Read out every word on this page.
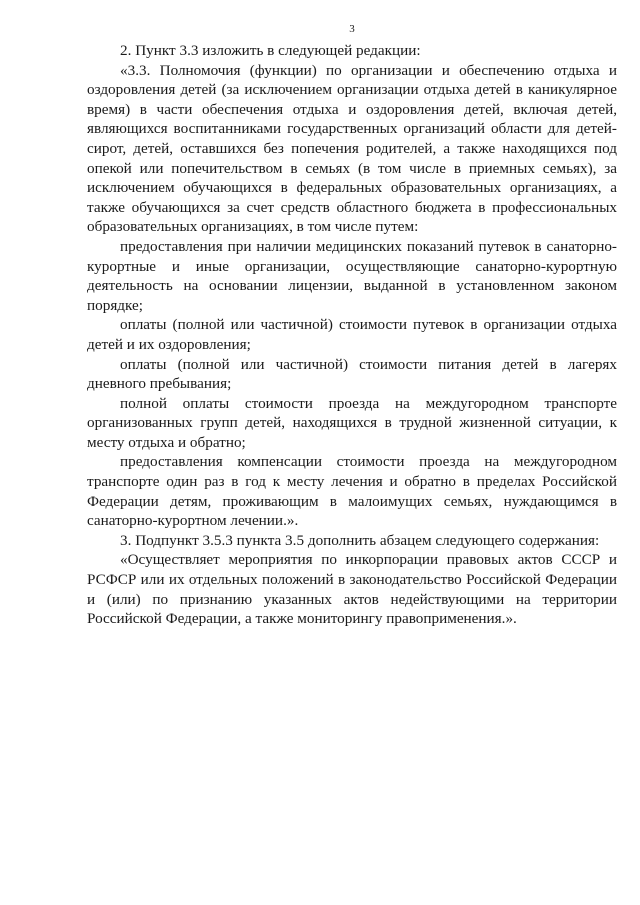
3

2. Пункт 3.3 изложить в следующей редакции:

«3.3. Полномочия (функции) по организации и обеспечению отдыха и оздоровления детей (за исключением организации отдыха детей в каникулярное время) в части обеспечения отдыха и оздоровления детей, включая детей, являющихся воспитанниками государственных организаций области для детей-сирот, детей, оставшихся без попечения родителей, а также находящихся под опекой или попечительством в семьях (в том числе в приемных семьях), за исключением обучающихся в федеральных образовательных организациях, а также обучающихся за счет средств областного бюджета в профессиональных образовательных организациях, в том числе путем:

предоставления при наличии медицинских показаний путевок в санаторно-курортные и иные организации, осуществляющие санаторно-курортную деятельность на основании лицензии, выданной в установленном законом порядке;

оплаты (полной или частичной) стоимости путевок в организации отдыха детей и их оздоровления;

оплаты (полной или частичной) стоимости питания детей в лагерях дневного пребывания;

полной оплаты стоимости проезда на междугородном транспорте организованных групп детей, находящихся в трудной жизненной ситуации, к месту отдыха и обратно;

предоставления компенсации стоимости проезда на междугородном транспорте один раз в год к месту лечения и обратно в пределах Российской Федерации детям, проживающим в малоимущих семьях, нуждающимся в санаторно-курортном лечении.».

3. Подпункт 3.5.3 пункта 3.5 дополнить абзацем следующего содержания:

«Осуществляет мероприятия по инкорпорации правовых актов СССР и РСФСР или их отдельных положений в законодательство Российской Федерации и (или) по признанию указанных актов недействующими на территории Российской Федерации, а также мониторингу правоприменения.».
